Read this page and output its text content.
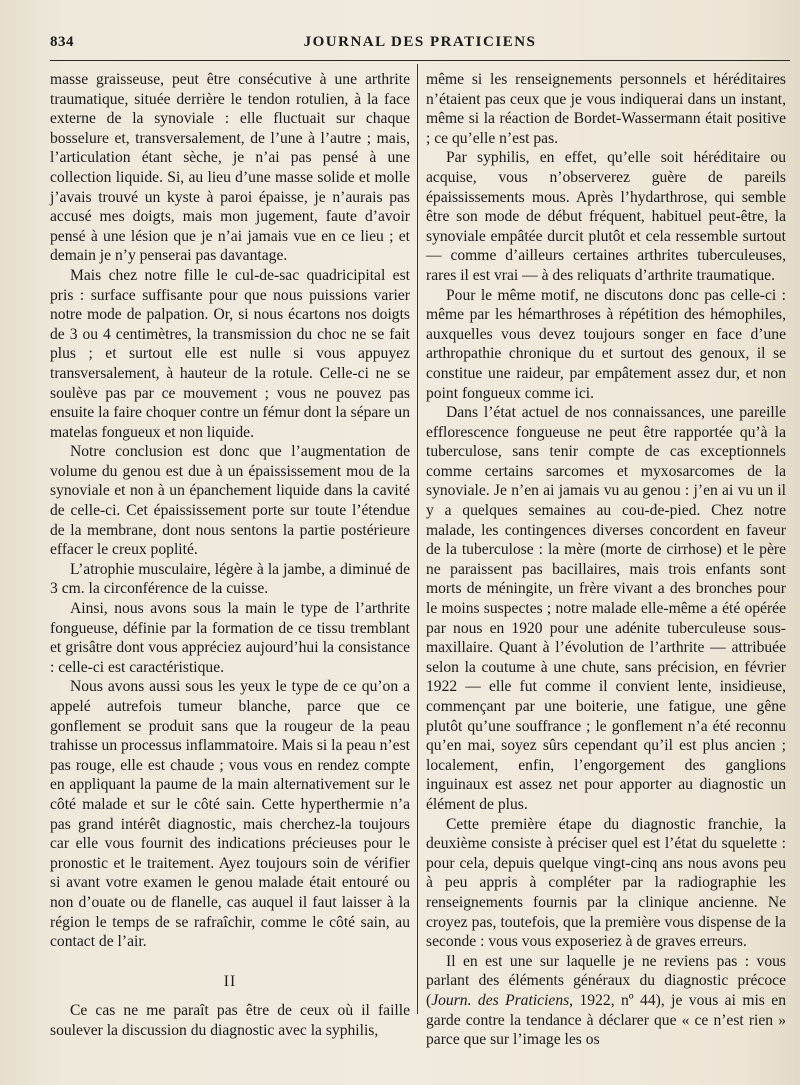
834	JOURNAL DES PRATICIENS

masse graisseuse, peut être consécutive à une arthrite traumatique, située derrière le tendon rotulien, à la face externe de la synoviale : elle fluctuait sur chaque bosselure et, transversalement, de l’une à l’autre ; mais, l’articulation étant sèche, je n’ai pas pensé à une collection liquide. Si, au lieu d’une masse solide et molle j’avais trouvé un kyste à paroi épaisse, je n’aurais pas accusé mes doigts, mais mon jugement, faute d’avoir pensé à une lésion que je n’ai jamais vue en ce lieu ; et demain je n’y penserai pas davantage.

Mais chez notre fille le cul-de-sac quadricipital est pris : surface suffisante pour que nous puissions varier notre mode de palpation. Or, si nous écartons nos doigts de 3 ou 4 centimètres, la transmission du choc ne se fait plus ; et surtout elle est nulle si vous appuyez transversalement, à hauteur de la rotule. Celle-ci ne se soulève pas par ce mouvement ; vous ne pouvez pas ensuite la faire choquer contre un fémur dont la sépare un matelas fongueux et non liquide.

Notre conclusion est donc que l’augmentation de volume du genou est due à un épaississement mou de la synoviale et non à un épanchement liquide dans la cavité de celle-ci. Cet épaississement porte sur toute l’étendue de la membrane, dont nous sentons la partie postérieure effacer le creux poplité.

L’atrophie musculaire, légère à la jambe, a diminué de 3 cm. la circonférence de la cuisse.

Ainsi, nous avons sous la main le type de l’arthrite fongueuse, définie par la formation de ce tissu tremblant et grisâtre dont vous appréciez aujourd’hui la consistance : celle-ci est caractéristique.

Nous avons aussi sous les yeux le type de ce qu’on a appelé autrefois tumeur blanche, parce que ce gonflement se produit sans que la rougeur de la peau trahisse un processus inflammatoire. Mais si la peau n’est pas rouge, elle est chaude ; vous vous en rendez compte en appliquant la paume de la main alternativement sur le côté malade et sur le côté sain. Cette hyperthermie n’a pas grand intérêt diagnostic, mais cherchez-la toujours car elle vous fournit des indications précieuses pour le pronostic et le traitement. Ayez toujours soin de vérifier si avant votre examen le genou malade était entouré ou non d’ouate ou de flanelle, cas auquel il faut laisser à la région le temps de se rafraîchir, comme le côté sain, au contact de l’air.

II

Ce cas ne me paraît pas être de ceux où il faille soulever la discussion du diagnostic avec la syphilis,

même si les renseignements personnels et héréditaires n’étaient pas ceux que je vous indiquerai dans un instant, même si la réaction de Bordet-Wassermann était positive ; ce qu’elle n’est pas.

Par syphilis, en effet, qu’elle soit héréditaire ou acquise, vous n’observerez guère de pareils épaississements mous. Après l’hydarthrose, qui semble être son mode de début fréquent, habituel peut-être, la synoviale empâtée durcit plutôt et cela ressemble surtout — comme d’ailleurs certaines arthrites tuberculeuses, rares il est vrai — à des reliquats d’arthrite traumatique.

Pour le même motif, ne discutons donc pas celle-ci : même par les hémarthroses à répétition des hémophiles, auxquelles vous devez toujours songer en face d’une arthropathie chronique du et surtout des genoux, il se constitue une raideur, par empâtement assez dur, et non point fongueux comme ici.

Dans l’état actuel de nos connaissances, une pareille efflorescence fongueuse ne peut être rapportée qu’à la tuberculose, sans tenir compte de cas exceptionnels comme certains sarcomes et myxosarcomes de la synoviale. Je n’en ai jamais vu au genou : j’en ai vu un il y a quelques semaines au cou-de-pied. Chez notre malade, les contingences diverses concordent en faveur de la tuberculose : la mère (morte de cirrhose) et le père ne paraissent pas bacillaires, mais trois enfants sont morts de méningite, un frère vivant a des bronches pour le moins suspectes ; notre malade elle-même a été opérée par nous en 1920 pour une adénite tuberculeuse sous-maxillaire. Quant à l’évolution de l’arthrite — attribuée selon la coutume à une chute, sans précision, en février 1922 — elle fut comme il convient lente, insidieuse, commençant par une boiterie, une fatigue, une gêne plutôt qu’une souffrance ; le gonflement n’a été reconnu qu’en mai, soyez sûrs cependant qu’il est plus ancien ; localement, enfin, l’engorgement des ganglions inguinaux est assez net pour apporter au diagnostic un élément de plus.

Cette première étape du diagnostic franchie, la deuxième consiste à préciser quel est l’état du squelette : pour cela, depuis quelque vingt-cinq ans nous avons peu à peu appris à compléter par la radiographie les renseignements fournis par la clinique ancienne. Ne croyez pas, toutefois, que la première vous dispense de la seconde : vous vous exposeriez à de graves erreurs.

Il en est une sur laquelle je ne reviens pas : vous parlant des éléments généraux du diagnostic précoce (Journ. des Praticiens, 1922, nº 44), je vous ai mis en garde contre la tendance à déclarer que « ce n’est rien » parce que sur l’image les os
